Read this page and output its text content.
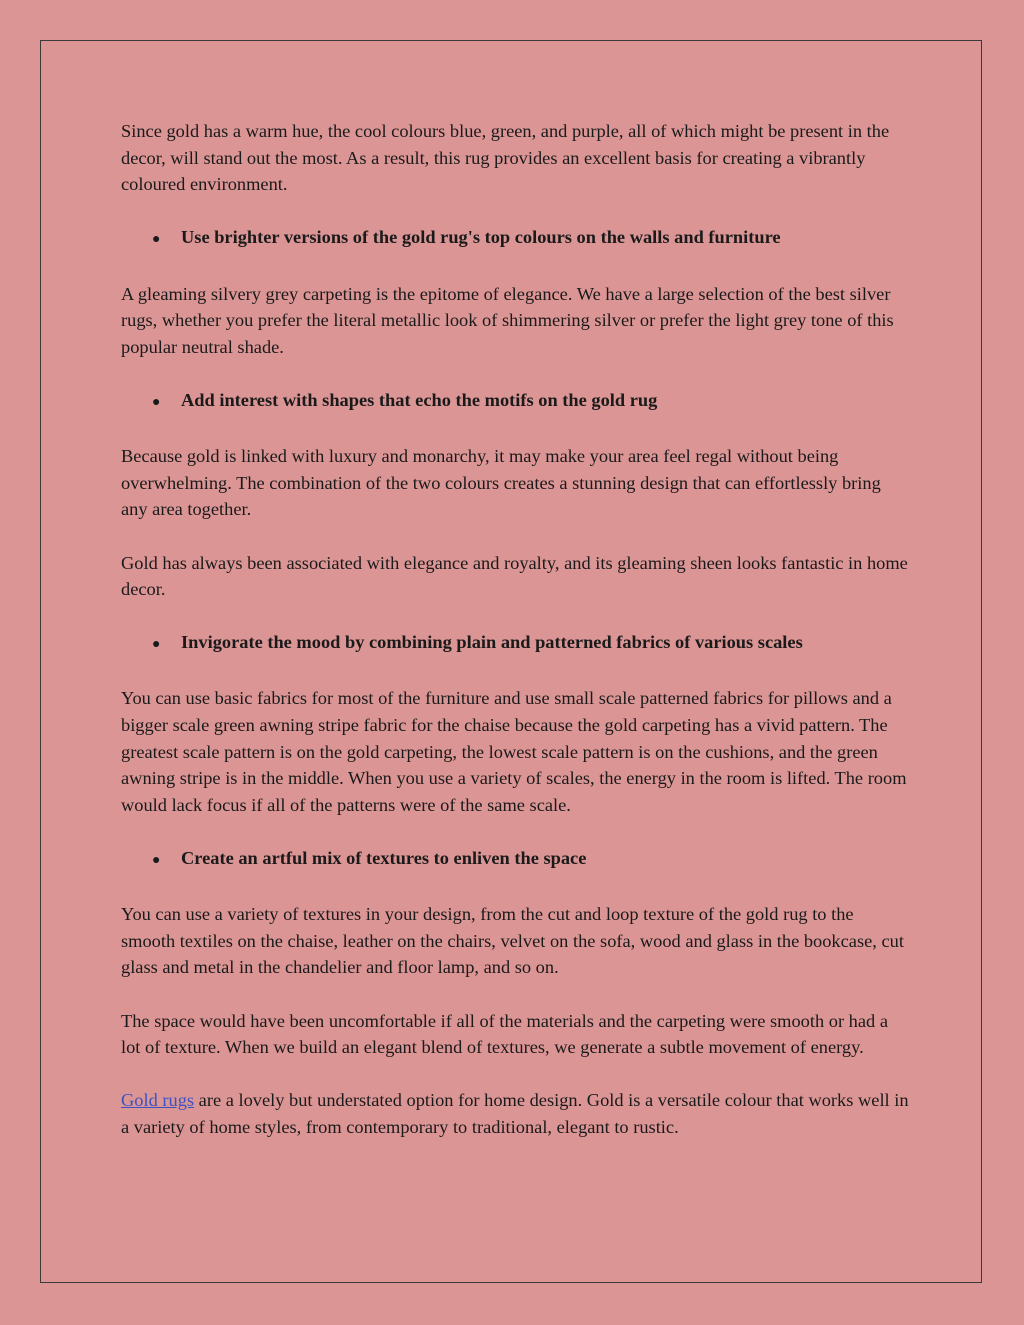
Since gold has a warm hue, the cool colours blue, green, and purple, all of which might be present in the decor, will stand out the most. As a result, this rug provides an excellent basis for creating a vibrantly coloured environment.

●	Use brighter versions of the gold rug's top colours on the walls and furniture

A gleaming silvery grey carpeting is the epitome of elegance. We have a large selection of the best silver rugs, whether you prefer the literal metallic look of shimmering silver or prefer the light grey tone of this popular neutral shade.

●	Add interest with shapes that echo the motifs on the gold rug

Because gold is linked with luxury and monarchy, it may make your area feel regal without being overwhelming. The combination of the two colours creates a stunning design that can effortlessly bring any area together.

Gold has always been associated with elegance and royalty, and its gleaming sheen looks fantastic in home decor.

●	Invigorate the mood by combining plain and patterned fabrics of various scales

You can use basic fabrics for most of the furniture and use small scale patterned fabrics for pillows and a bigger scale green awning stripe fabric for the chaise because the gold carpeting has a vivid pattern. The greatest scale pattern is on the gold carpeting, the lowest scale pattern is on the cushions, and the green awning stripe is in the middle. When you use a variety of scales, the energy in the room is lifted. The room would lack focus if all of the patterns were of the same scale.

●	Create an artful mix of textures to enliven the space

You can use a variety of textures in your design, from the cut and loop texture of the gold rug to the smooth textiles on the chaise, leather on the chairs, velvet on the sofa, wood and glass in the bookcase, cut glass and metal in the chandelier and floor lamp, and so on.

The space would have been uncomfortable if all of the materials and the carpeting were smooth or had a lot of texture. When we build an elegant blend of textures, we generate a subtle movement of energy.

Gold rugs are a lovely but understated option for home design. Gold is a versatile colour that works well in a variety of home styles, from contemporary to traditional, elegant to rustic.
